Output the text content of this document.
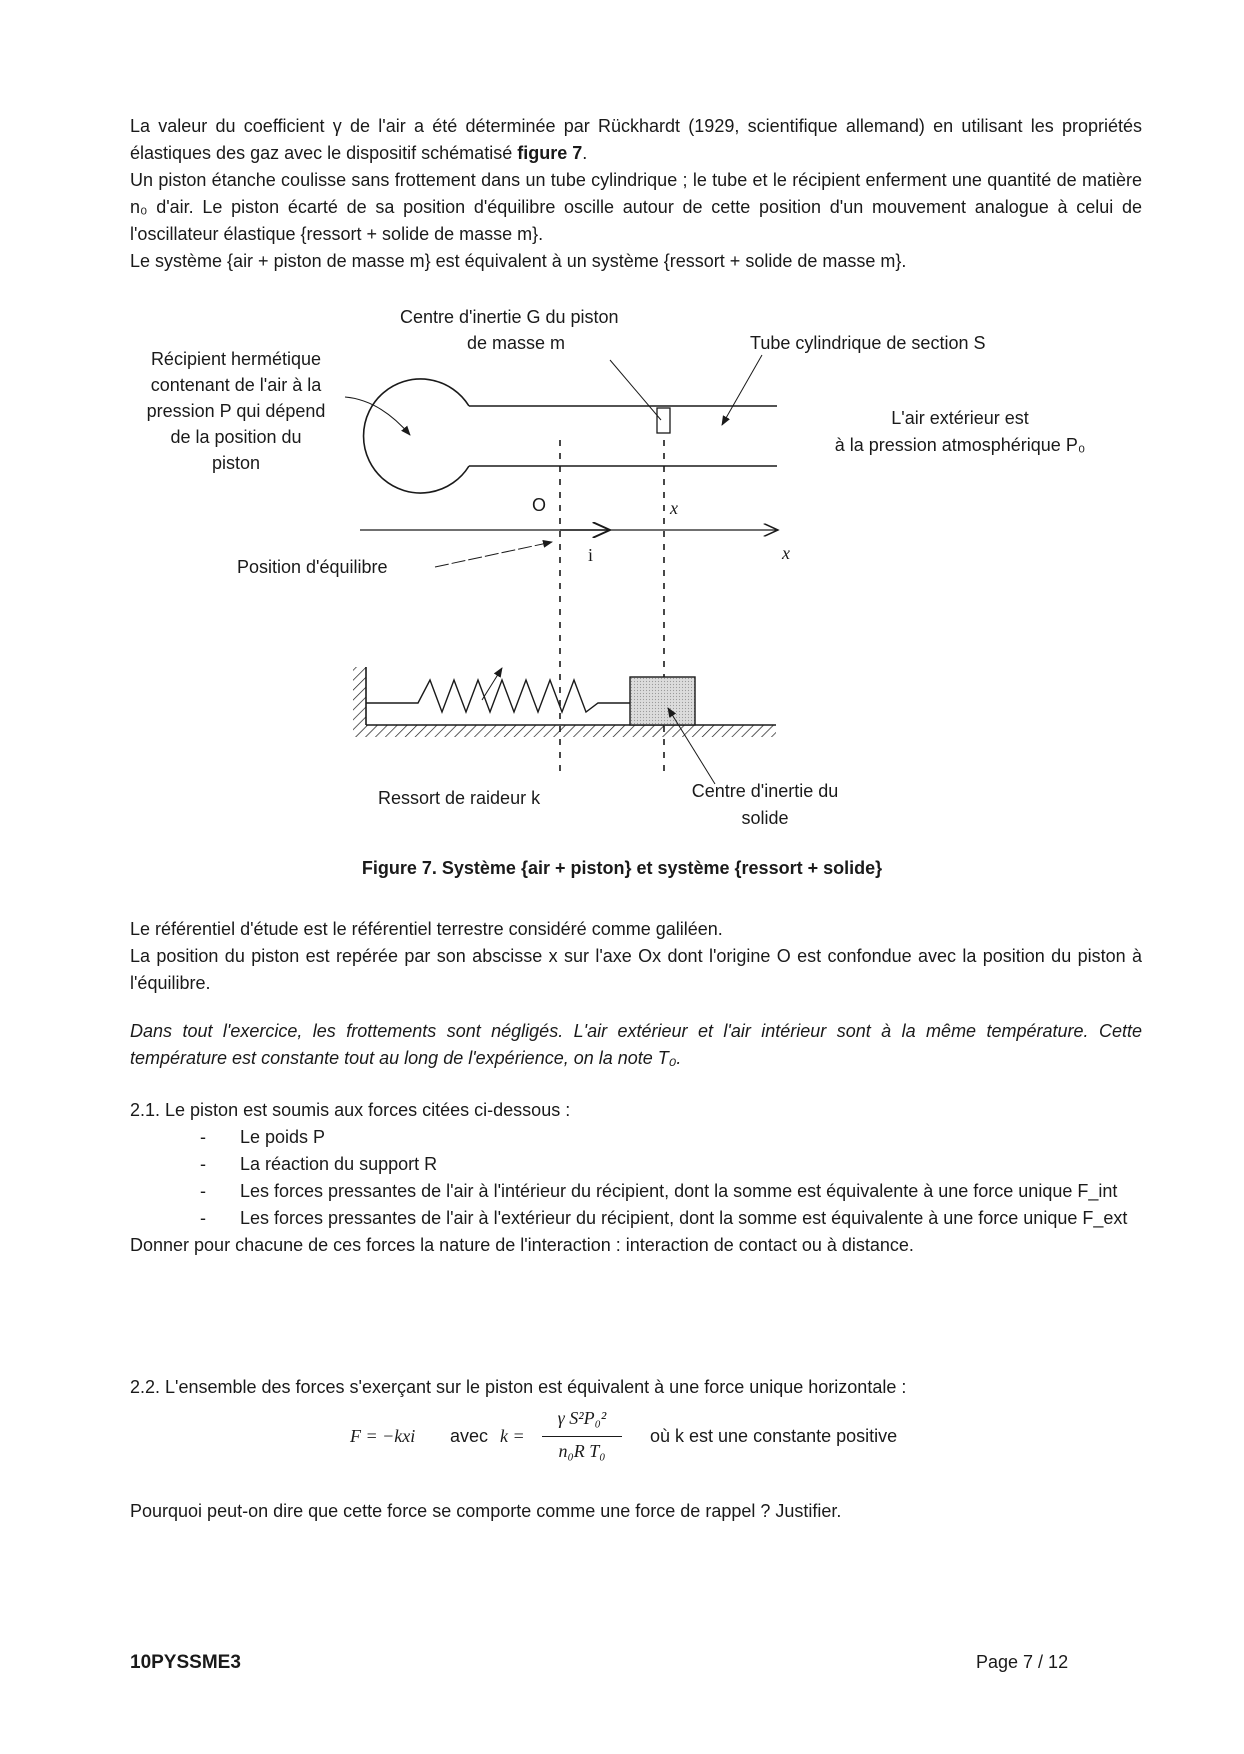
La valeur du coefficient γ de l'air a été déterminée par Rückhardt (1929, scientifique allemand) en utilisant les propriétés élastiques des gaz avec le dispositif schématisé figure 7.

Un piston étanche coulisse sans frottement dans un tube cylindrique ; le tube et le récipient enferment une quantité de matière n₀ d'air. Le piston écarté de sa position d'équilibre oscille autour de cette position d'un mouvement analogue à celui de l'oscillateur élastique {ressort + solide de masse m}.

Le système {air + piston de masse m} est équivalent à un système {ressort + solide de masse m}.

Centre d'inertie G du piston
de masse m	Tube cylindrique de section S
Récipient hermétique
contenant de l'air à la
pression P qui dépend
de la position du
piston
L'air extérieur est
à la pression atmosphérique P₀
O	x
i	x
Position d'équilibre
Ressort de raideur k	Centre d'inertie du
solide
Figure 7. Système {air + piston} et système {ressort + solide}

Le référentiel d'étude est le référentiel terrestre considéré comme galiléen.

La position du piston est repérée par son abscisse x sur l'axe Ox dont l'origine O est confondue avec la position du piston à l'équilibre.

Dans tout l'exercice, les frottements sont négligés. L'air extérieur et l'air intérieur sont à la même température. Cette température est constante tout au long de l'expérience, on la note T₀.
2.1. Le piston est soumis aux forces citées ci-dessous :
- Le poids P
- La réaction du support R
- Les forces pressantes de l'air à l'intérieur du récipient, dont la somme est équivalente à une force unique F_int
- Les forces pressantes de l'air à l'extérieur du récipient, dont la somme est équivalente à une force unique F_ext
Donner pour chacune de ces forces la nature de l'interaction : interaction de contact ou à distance.
2.2. L'ensemble des forces s'exerçant sur le piston est équivalent à une force unique horizontale :
F = −kxi avec k =
γ S²P₀²
n₀R T₀
où k est une constante positive
Pourquoi peut-on dire que cette force se comporte comme une force de rappel ? Justifier.
10PYSSME3	Page 7 / 12
